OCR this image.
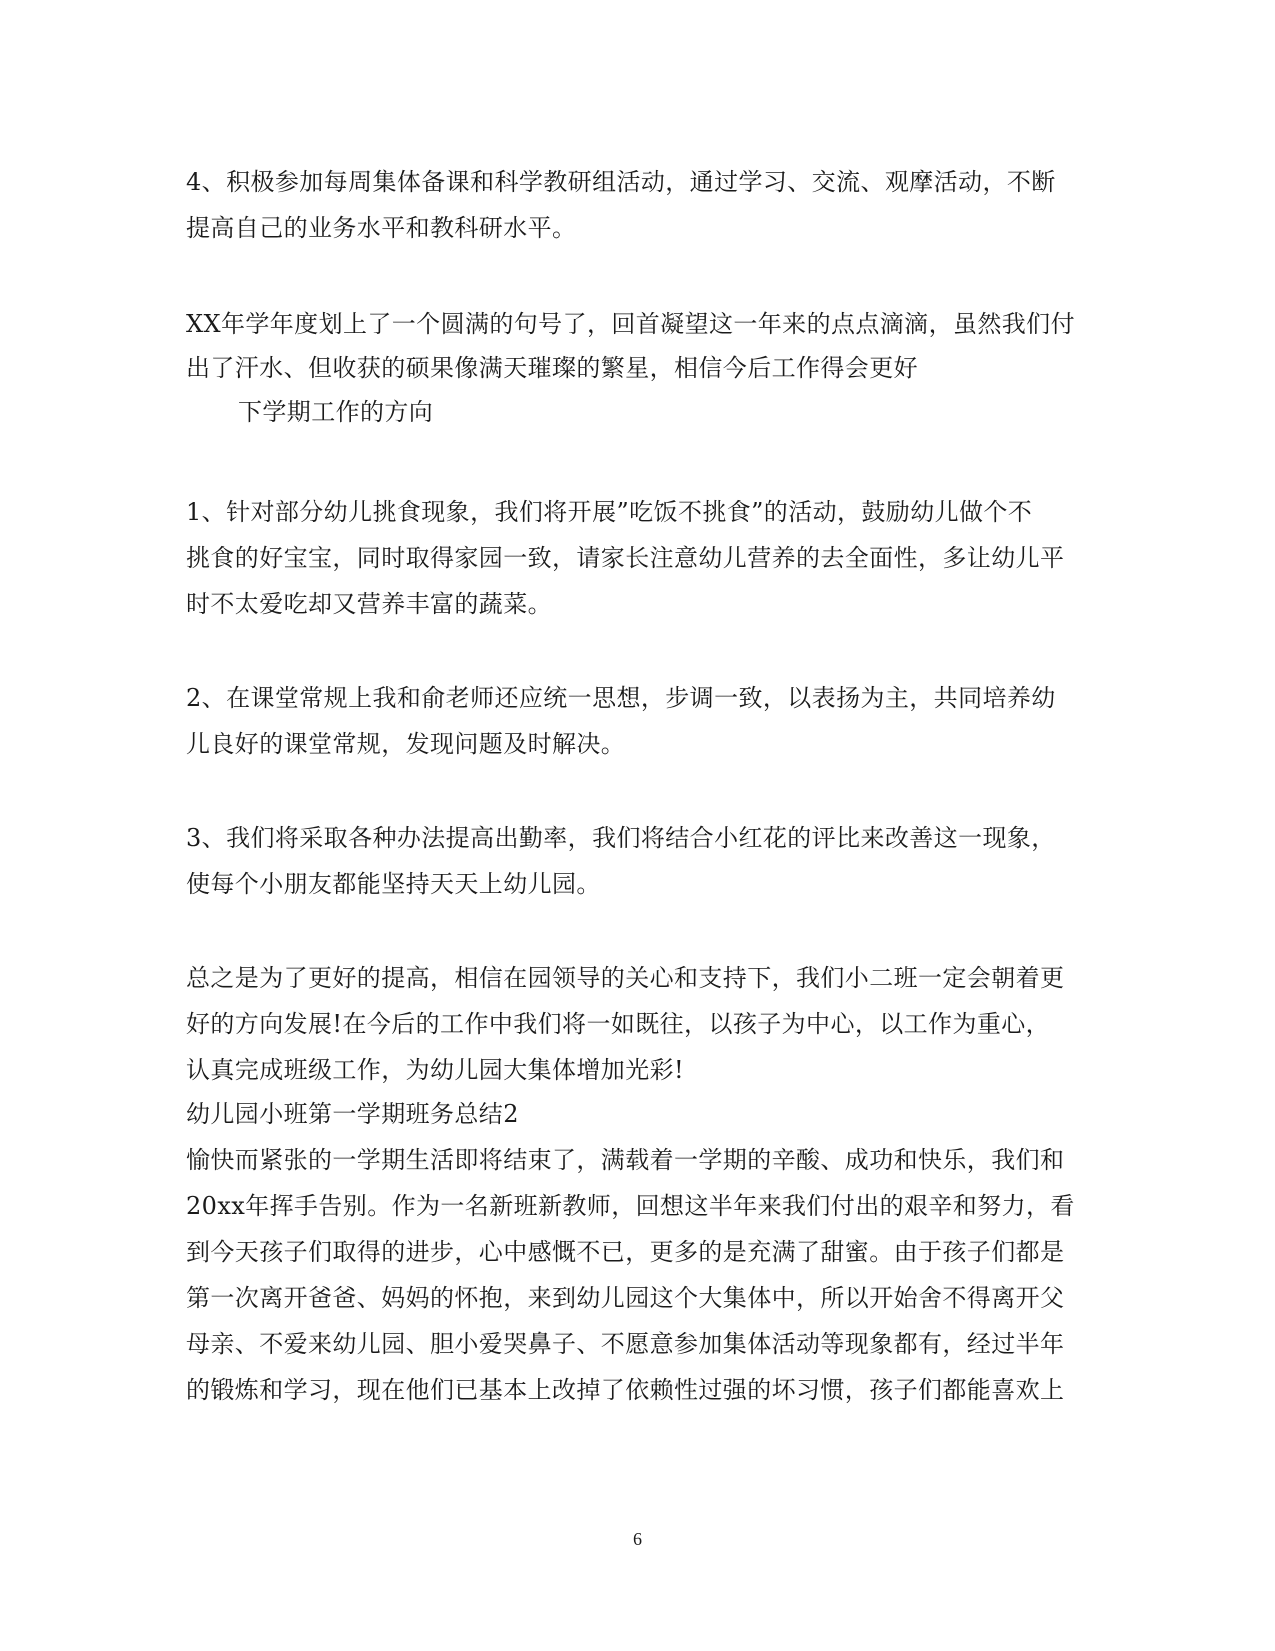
4、积极参加每周集体备课和科学教研组活动，通过学习、交流、观摩活动，不断
提高自己的业务水平和教科研水平。
XX年学年度划上了一个圆满的句号了，回首凝望这一年来的点点滴滴，虽然我们付
出了汗水、但收获的硕果像满天璀璨的繁星，相信今后工作得会更好
下学期工作的方向
1、针对部分幼儿挑食现象，我们将开展”吃饭不挑食”的活动，鼓励幼儿做个不
挑食的好宝宝，同时取得家园一致，请家长注意幼儿营养的去全面性，多让幼儿平
时不太爱吃却又营养丰富的蔬菜。
2、在课堂常规上我和俞老师还应统一思想，步调一致，以表扬为主，共同培养幼
儿良好的课堂常规，发现问题及时解决。
3、我们将采取各种办法提高出勤率，我们将结合小红花的评比来改善这一现象，
使每个小朋友都能坚持天天上幼儿园。
总之是为了更好的提高，相信在园领导的关心和支持下，我们小二班一定会朝着更
好的方向发展!在今后的工作中我们将一如既往，以孩子为中心，以工作为重心，
认真完成班级工作，为幼儿园大集体增加光彩!
幼儿园小班第一学期班务总结2
愉快而紧张的一学期生活即将结束了，满载着一学期的辛酸、成功和快乐，我们和
20xx年挥手告别。作为一名新班新教师，回想这半年来我们付出的艰辛和努力，看
到今天孩子们取得的进步，心中感慨不已，更多的是充满了甜蜜。由于孩子们都是
第一次离开爸爸、妈妈的怀抱，来到幼儿园这个大集体中，所以开始舍不得离开父
母亲、不爱来幼儿园、胆小爱哭鼻子、不愿意参加集体活动等现象都有，经过半年
的锻炼和学习，现在他们已基本上改掉了依赖性过强的坏习惯，孩子们都能喜欢上
6
